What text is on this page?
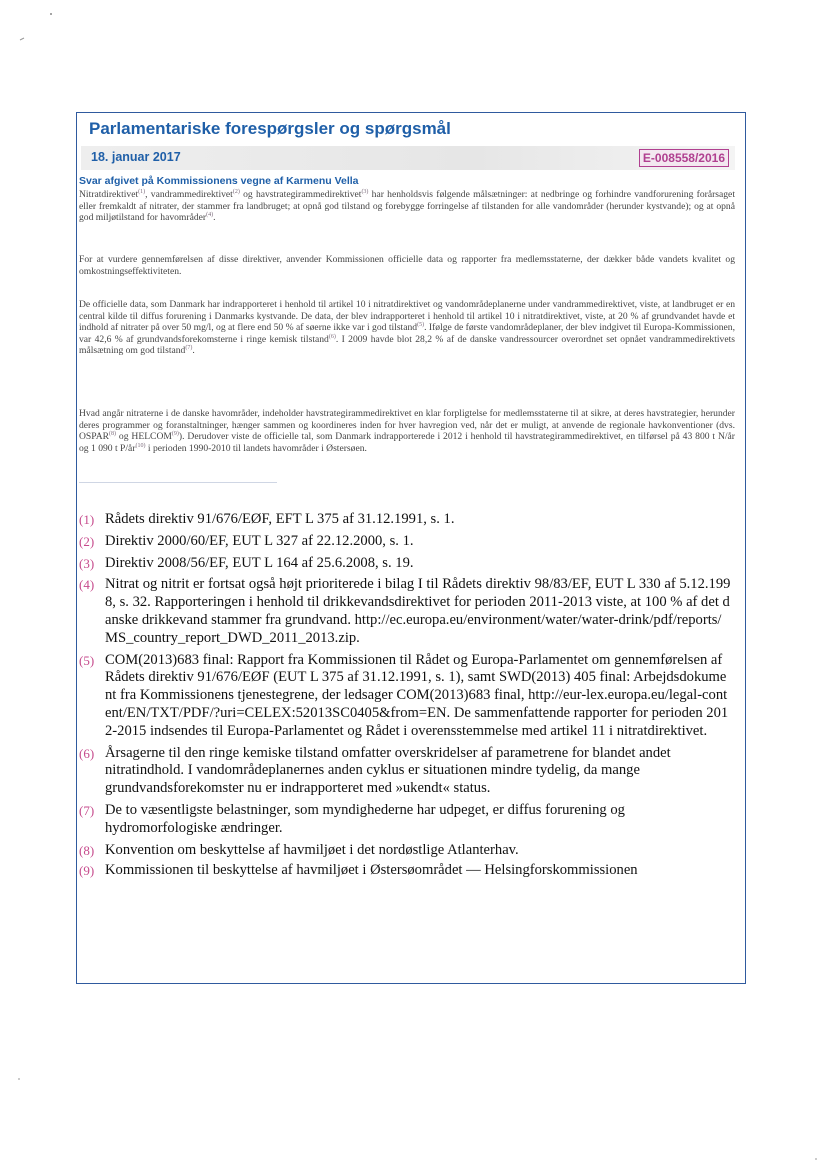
Parlamentariske forespørgsler og spørgsmål
18. januar 2017	E-008558/2016
Svar afgivet på Kommissionens vegne af Karmenu Vella
Nitratdirektivet$^{(1)}$, vandrammedirektivet$^{(2)}$ og havstrategirammedirektivet$^{(3)}$ har henholdsvis følgende målsætninger: at nedbringe og forhindre vandforurening forårsaget eller fremkaldt af nitrater, der stammer fra landbruget; at opnå god tilstand og forebygge forringelse af tilstanden for alle vandområder (herunder kystvande); og at opnå god miljøtilstand for havområder$^{(4)}$.
For at vurdere gennemførelsen af disse direktiver, anvender Kommissionen officielle data og rapporter fra medlemsstaterne, der dækker både vandets kvalitet og omkostningseffektiviteten.
De officielle data, som Danmark har indrapporteret i henhold til artikel 10 i nitratdirektivet og vandområdeplanerne under vandrammedirektivet, viste, at landbruget er en central kilde til diffus forurening i Danmarks kystvande. De data, der blev indrapporteret i henhold til artikel 10 i nitratdirektivet, viste, at 20 % af grundvandet havde et indhold af nitrater på over 50 mg/l, og at flere end 50 % af søerne ikke var i god tilstand$^{(5)}$. Ifølge de første vandområdeplaner, der blev indgivet til Europa-Kommissionen, var 42,6 % af grundvandsforekomsterne i ringe kemisk tilstand$^{(6)}$. I 2009 havde blot 28,2 % af de danske vandressourcer overordnet set opnået vandrammedirektivets målsætning om god tilstand$^{(7)}$.
Hvad angår nitraterne i de danske havområder, indeholder havstrategirammedirektivet en klar forpligtelse for medlemsstaterne til at sikre, at deres havstrategier, herunder deres programmer og foranstaltninger, hænger sammen og koordineres inden for hver havregion ved, når det er muligt, at anvende de regionale havkonventioner (dvs. OSPAR$^{(8)}$ og HELCOM$^{(9)}$). Derudover viste de officielle tal, som Danmark indrapporterede i 2012 i henhold til havstrategirammedirektivet, en tilførsel på 43 800 t N/år og 1 090 t $P/år^{(10)}$ i perioden 1990-2010 til landets havområder i Østersøen.
(1) Rådets direktiv 91/676/EØF, EFT L 375 af 31.12.1991, s. 1.
(2) Direktiv 2000/60/EF, EUT L 327 af 22.12.2000, s. 1.
(3) Direktiv 2008/56/EF, EUT L 164 af 25.6.2008, s. 19.
(4) Nitrat og nitrit er fortsat også højt prioriterede i bilag I til Rådets direktiv 98/83/EF, EUT L 330 af 5.12.1998, s. 32. Rapporteringen i henhold til drikkevandsdirektivet for perioden 2011-2013 viste, at 100 % af det danske drikkevand stammer fra grundvand. http://ec.europa.eu/environment/water/water-drink/pdf/reports/MS_country_report_DWD_2011_2013.zip.
(5) COM(2013)683 final: Rapport fra Kommissionen til Rådet og Europa-Parlamentet om gennemførelsen af Rådets direktiv 91/676/EØF (EUT L 375 af 31.12.1991, s. 1), samt SWD(2013) 405 final: Arbejdsdokument fra Kommissionens tjenestegrene, der ledsager COM(2013)683 final, http://eur-lex.europa.eu/legal-content/EN/TXT/PDF/?uri=CELEX:52013SC0405&from=EN. De sammenfattende rapporter for perioden 2012-2015 indsendes til Europa-Parlamentet og Rådet i overensstemmelse med artikel 11 i nitratdirektivet.
(6) Årsagerne til den ringe kemiske tilstand omfatter overskridelser af parametrene for blandet andet nitratindhold. I vandområdeplanernes anden cyklus er situationen mindre tydelig, da mange grundvandsforekomster nu er indrapporteret med »ukendt« status.
(7) De to væsentligste belastninger, som myndighederne har udpeget, er diffus forurening og hydromorfologiske ændringer.
(8) Konvention om beskyttelse af havmiljøet i det nordøstlige Atlanterhav.
(9) Kommissionen til beskyttelse af havmiljøet i Østersøområdet — Helsingforskommissionen
